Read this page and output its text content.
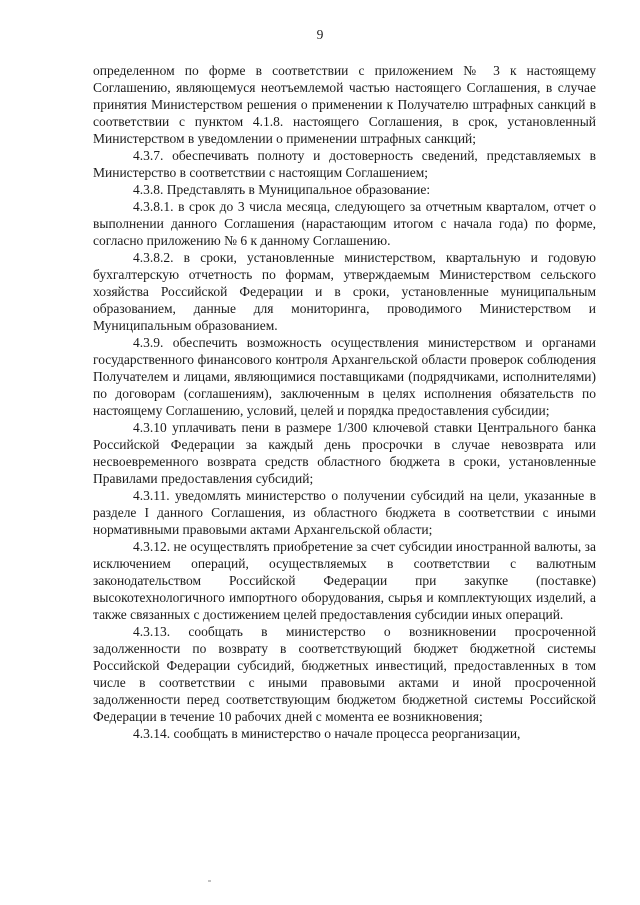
9

определенном по форме в соответствии с приложением № 3 к настоящему Соглашению, являющемуся неотъемлемой частью настоящего Соглашения, в случае принятия Министерством решения о применении к Получателю штрафных санкций в соответствии с пунктом 4.1.8. настоящего Соглашения, в срок, установленный Министерством в уведомлении о применении штрафных санкций;

4.3.7. обеспечивать полноту и достоверность сведений, представляемых в Министерство в соответствии с настоящим Соглашением;

4.3.8. Представлять в Муниципальное образование:

4.3.8.1. в срок до 3 числа месяца, следующего за отчетным кварталом, отчет о выполнении данного Соглашения (нарастающим итогом с начала года) по форме, согласно приложению № 6 к данному Соглашению.

4.3.8.2. в сроки, установленные министерством, квартальную и годовую бухгалтерскую отчетность по формам, утверждаемым Министерством сельского хозяйства Российской Федерации и в сроки, установленные муниципальным образованием, данные для мониторинга, проводимого Министерством и Муниципальным образованием.

4.3.9. обеспечить возможность осуществления министерством и органами государственного финансового контроля Архангельской области проверок соблюдения Получателем и лицами, являющимися поставщиками (подрядчиками, исполнителями) по договорам (соглашениям), заключенным в целях исполнения обязательств по настоящему Соглашению, условий, целей и порядка предоставления субсидии;

4.3.10 уплачивать пени в размере 1/300 ключевой ставки Центрального банка Российской Федерации за каждый день просрочки в случае невозврата или несвоевременного возврата средств областного бюджета в сроки, установленные Правилами предоставления субсидий;

4.3.11. уведомлять министерство о получении субсидий на цели, указанные в разделе I данного Соглашения, из областного бюджета в соответствии с иными нормативными правовыми актами Архангельской области;

4.3.12. не осуществлять приобретение за счет субсидии иностранной валюты, за исключением операций, осуществляемых в соответствии с валютным законодательством Российской Федерации при закупке (поставке) высокотехнологичного импортного оборудования, сырья и комплектующих изделий, а также связанных с достижением целей предоставления субсидии иных операций.

4.3.13. сообщать в министерство о возникновении просроченной задолженности по возврату в соответствующий бюджет бюджетной системы Российской Федерации субсидий, бюджетных инвестиций, предоставленных в том числе в соответствии с иными правовыми актами и иной просроченной задолженности перед соответствующим бюджетом бюджетной системы Российской Федерации в течение 10 рабочих дней с момента ее возникновения;

4.3.14. сообщать в министерство о начале процесса реорганизации,
